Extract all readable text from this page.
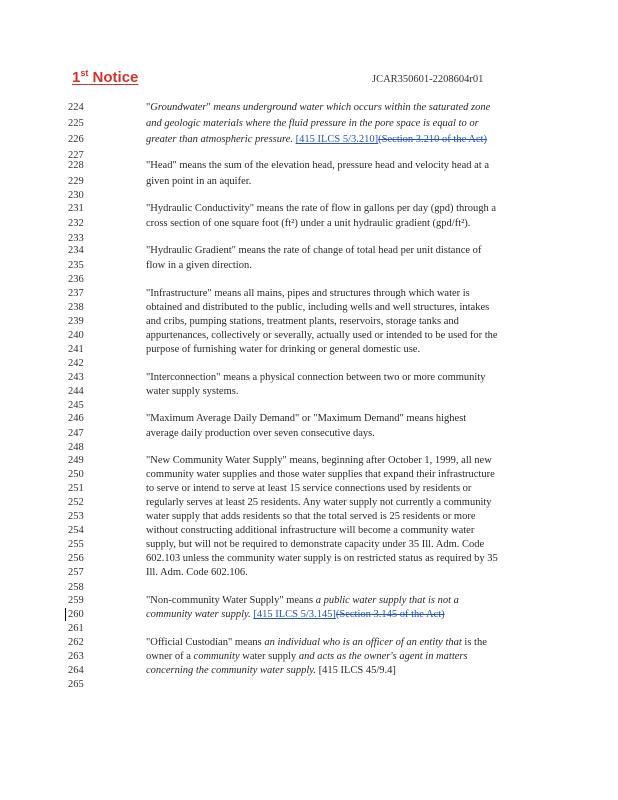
1st Notice	JCAR350601-2208604r01
224	"Groundwater" means underground water which occurs within the saturated zone
225	and geologic materials where the fluid pressure in the pore space is equal to or
226	greater than atmospheric pressure. [415 ILCS 5/3.210](Section 3.210 of the Act)
227
228	"Head" means the sum of the elevation head, pressure head and velocity head at a
229	given point in an aquifer.
230
231	"Hydraulic Conductivity" means the rate of flow in gallons per day (gpd) through a
232	cross section of one square foot (ft²) under a unit hydraulic gradient (gpd/ft²).
233
234	"Hydraulic Gradient" means the rate of change of total head per unit distance of
235	flow in a given direction.
236
237	"Infrastructure" means all mains, pipes and structures through which water is
238	obtained and distributed to the public, including wells and well structures, intakes
239	and cribs, pumping stations, treatment plants, reservoirs, storage tanks and
240	appurtenances, collectively or severally, actually used or intended to be used for the
241	purpose of furnishing water for drinking or general domestic use.
242
243	"Interconnection" means a physical connection between two or more community
244	water supply systems.
245
246	"Maximum Average Daily Demand" or "Maximum Demand" means highest
247	average daily production over seven consecutive days.
248
249	"New Community Water Supply" means, beginning after October 1, 1999, all new
250	community water supplies and those water supplies that expand their infrastructure
251	to serve or intend to serve at least 15 service connections used by residents or
252	regularly serves at least 25 residents. Any water supply not currently a community
253	water supply that adds residents so that the total served is 25 residents or more
254	without constructing additional infrastructure will become a community water
255	supply, but will not be required to demonstrate capacity under 35 Ill. Adm. Code
256	602.103 unless the community water supply is on restricted status as required by 35
257	Ill. Adm. Code 602.106.
258
259	"Non-community Water Supply" means a public water supply that is not a
260	community water supply. [415 ILCS 5/3.145](Section 3.145 of the Act)
261
262	"Official Custodian" means an individual who is an officer of an entity that is the
263	owner of a community water supply and acts as the owner's agent in matters
264	concerning the community water supply. [415 ILCS 45/9.4]
265
